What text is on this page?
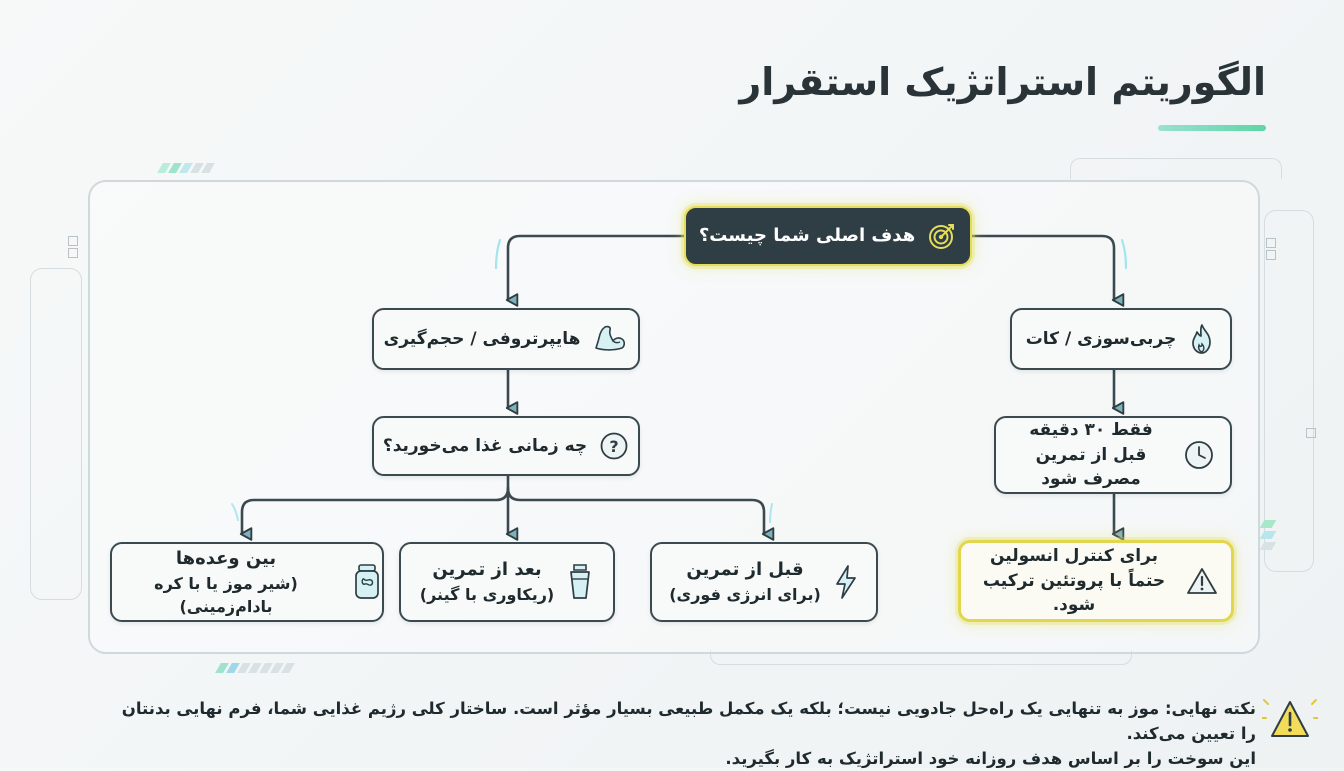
الگوریتم استراتژیک استقرار
هدف اصلی شما چیست؟
هایپرتروفی / حجم‌گیری
?
چه زمانی غذا می‌خورید؟
قبل از تمرین
(برای انرژی فوری)
بعد از تمرین
(ریکاوری با گینر)
بین وعده‌ها
(شیر موز یا با کره بادام‌زمینی)
چربی‌سوزی / کات
فقط ۳۰ دقیقه قبل از تمرین مصرف شود
برای کنترل انسولین حتماً با پروتئین ترکیب شود.
نکته نهایی: موز به تنهایی یک راه‌حل جادویی نیست؛ بلکه یک مکمل طبیعی بسیار مؤثر است. ساختار کلی رژیم غذایی شما، فرم نهایی بدنتان را تعیین می‌کند.
این سوخت را بر اساس هدف روزانه خود استراتژیک به کار بگیرید.
